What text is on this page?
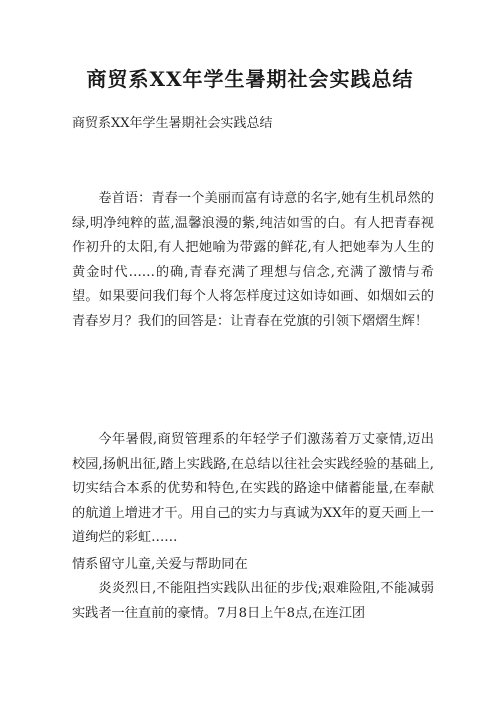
商贸系XX年学生暑期社会实践总结

商贸系XX年学生暑期社会实践总结

卷首语：青春一个美丽而富有诗意的名字,她有生机昂然的绿,明净纯粹的蓝,温馨浪漫的紫,纯洁如雪的白。有人把青春视作初升的太阳,有人把她喻为带露的鲜花,有人把她奉为人生的黄金时代……的确,青春充满了理想与信念,充满了激情与希望。如果要问我们每个人将怎样度过这如诗如画、如烟如云的青春岁月？我们的回答是：让青春在党旗的引领下熠熠生辉！

今年暑假,商贸管理系的年轻学子们激荡着万丈豪情,迈出校园,扬帆出征,踏上实践路,在总结以往社会实践经验的基础上,切实结合本系的优势和特色,在实践的路途中储蓄能量,在奉献的航道上增进才干。用自己的实力与真诚为XX年的夏天画上一道绚烂的彩虹……

情系留守儿童,关爱与帮助同在

炎炎烈日,不能阻挡实践队出征的步伐;艰难险阻,不能减弱实践者一往直前的豪情。7月8日上午8点,在连江团
